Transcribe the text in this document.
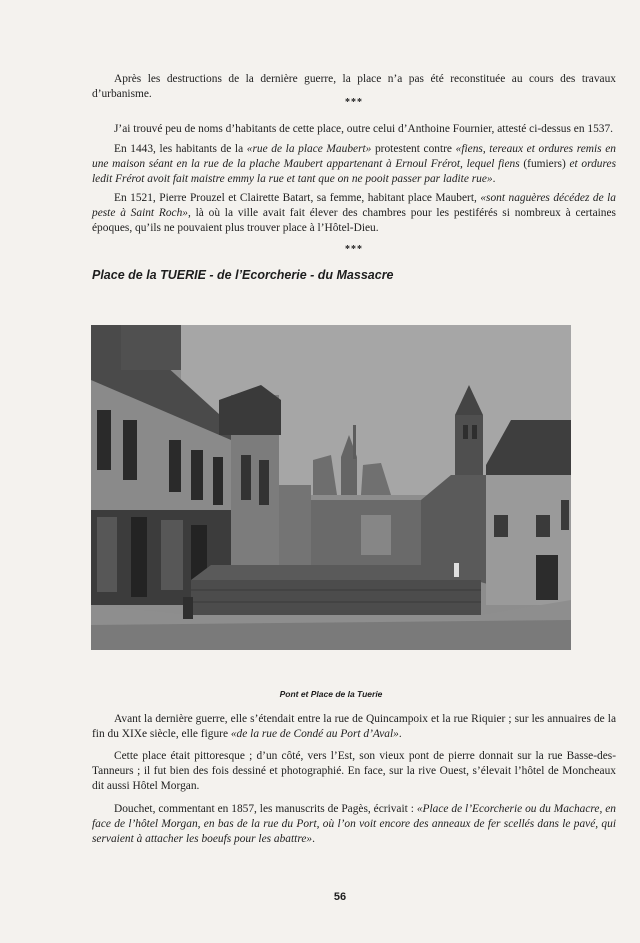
Après les destructions de la dernière guerre, la place n’a pas été reconstituée au cours des travaux d’urbanisme.

***

J’ai trouvé peu de noms d’habitants de cette place, outre celui d’Anthoine Fournier, attesté ci-dessus en 1537.

En 1443, les habitants de la «rue de la place Maubert» protestent contre «fiens, tereaux et ordures remis en une maison séant en la rue de la plache Maubert appartenant à Ernoul Frérot, lequel fiens (fumiers) et ordures ledit Frérot avoit fait maistre emmy la rue et tant que on ne pooit passer par ladite rue».

En 1521, Pierre Prouzel et Clairette Batart, sa femme, habitant place Maubert, «sont naguères décédez de la peste à Saint Roch», là où la ville avait fait élever des chambres pour les pestiférés si nombreux à certaines époques, qu’ils ne pouvaient plus trouver place à l’Hôtel-Dieu.

***
Place de la TUERIE - de l’Ecorcherie - du Massacre
Pont et Place de la Tuerie

Avant la dernière guerre, elle s’étendait entre la rue de Quincampoix et la rue Riquier ; sur les annuaires de la fin du XIXe siècle, elle figure «de la rue de Condé au Port d’Aval».

Cette place était pittoresque ; d’un côté, vers l’Est, son vieux pont de pierre donnait sur la rue Basse-des-Tanneurs ; il fut bien des fois dessiné et photographié. En face, sur la rive Ouest, s’élevait l’hôtel de Moncheaux dit aussi Hôtel Morgan.

Douchet, commentant en 1857, les manuscrits de Pagès, écrivait : «Place de l’Ecorcherie ou du Machacre, en face de l’hôtel Morgan, en bas de la rue du Port, où l’on voit encore des anneaux de fer scellés dans le pavé, qui servaient à attacher les boeufs pour les abattre».

56
